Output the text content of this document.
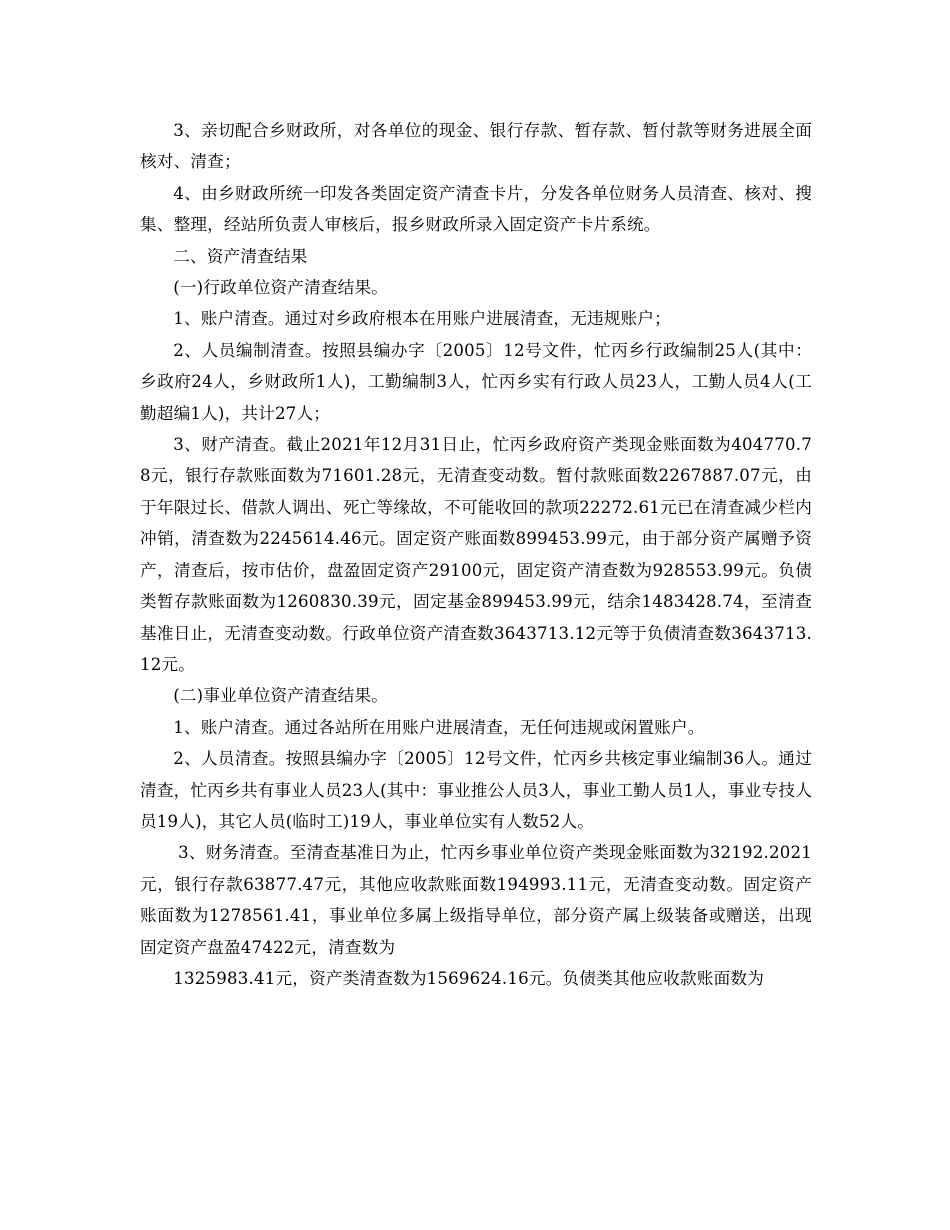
3、亲切配合乡财政所，对各单位的现金、银行存款、暂存款、暂付款等财务进展全面核对、清查；

4、由乡财政所统一印发各类固定资产清查卡片，分发各单位财务人员清查、核对、搜集、整理，经站所负责人审核后，报乡财政所录入固定资产卡片系统。

二、资产清查结果

(一)行政单位资产清查结果。

1、账户清查。通过对乡政府根本在用账户进展清查，无违规账户；

2、人员编制清查。按照县编办字〔2005〕12号文件，忙丙乡行政编制25人(其中：乡政府24人，乡财政所1人)，工勤编制3人，忙丙乡实有行政人员23人，工勤人员4人(工勤超编1人)，共计27人；

3、财产清查。截止2021年12月31日止，忙丙乡政府资产类现金账面数为404770.78元，银行存款账面数为71601.28元，无清查变动数。暂付款账面数2267887.07元，由于年限过长、借款人调出、死亡等缘故，不可能收回的款项22272.61元已在清查减少栏内冲销，清查数为2245614.46元。固定资产账面数899453.99元，由于部分资产属赠予资产，清查后，按市估价，盘盈固定资产29100元，固定资产清查数为928553.99元。负债类暂存款账面数为1260830.39元，固定基金899453.99元，结余1483428.74，至清查基准日止，无清查变动数。行政单位资产清查数3643713.12元等于负债清查数3643713.12元。

(二)事业单位资产清查结果。

1、账户清查。通过各站所在用账户进展清查，无任何违规或闲置账户。

2、人员清查。按照县编办字〔2005〕12号文件，忙丙乡共核定事业编制36人。通过清查，忙丙乡共有事业人员23人(其中：事业推公人员3人，事业工勤人员1人，事业专技人员19人)，其它人员(临时工)19人，事业单位实有人数52人。

3、财务清查。至清查基准日为止，忙丙乡事业单位资产类现金账面数为32192.2021元，银行存款63877.47元，其他应收款账面数194993.11元，无清查变动数。固定资产账面数为1278561.41，事业单位多属上级指导单位，部分资产属上级装备或赠送，出现固定资产盘盈47422元，清查数为

1325983.41元，资产类清查数为1569624.16元。负债类其他应收款账面数为
